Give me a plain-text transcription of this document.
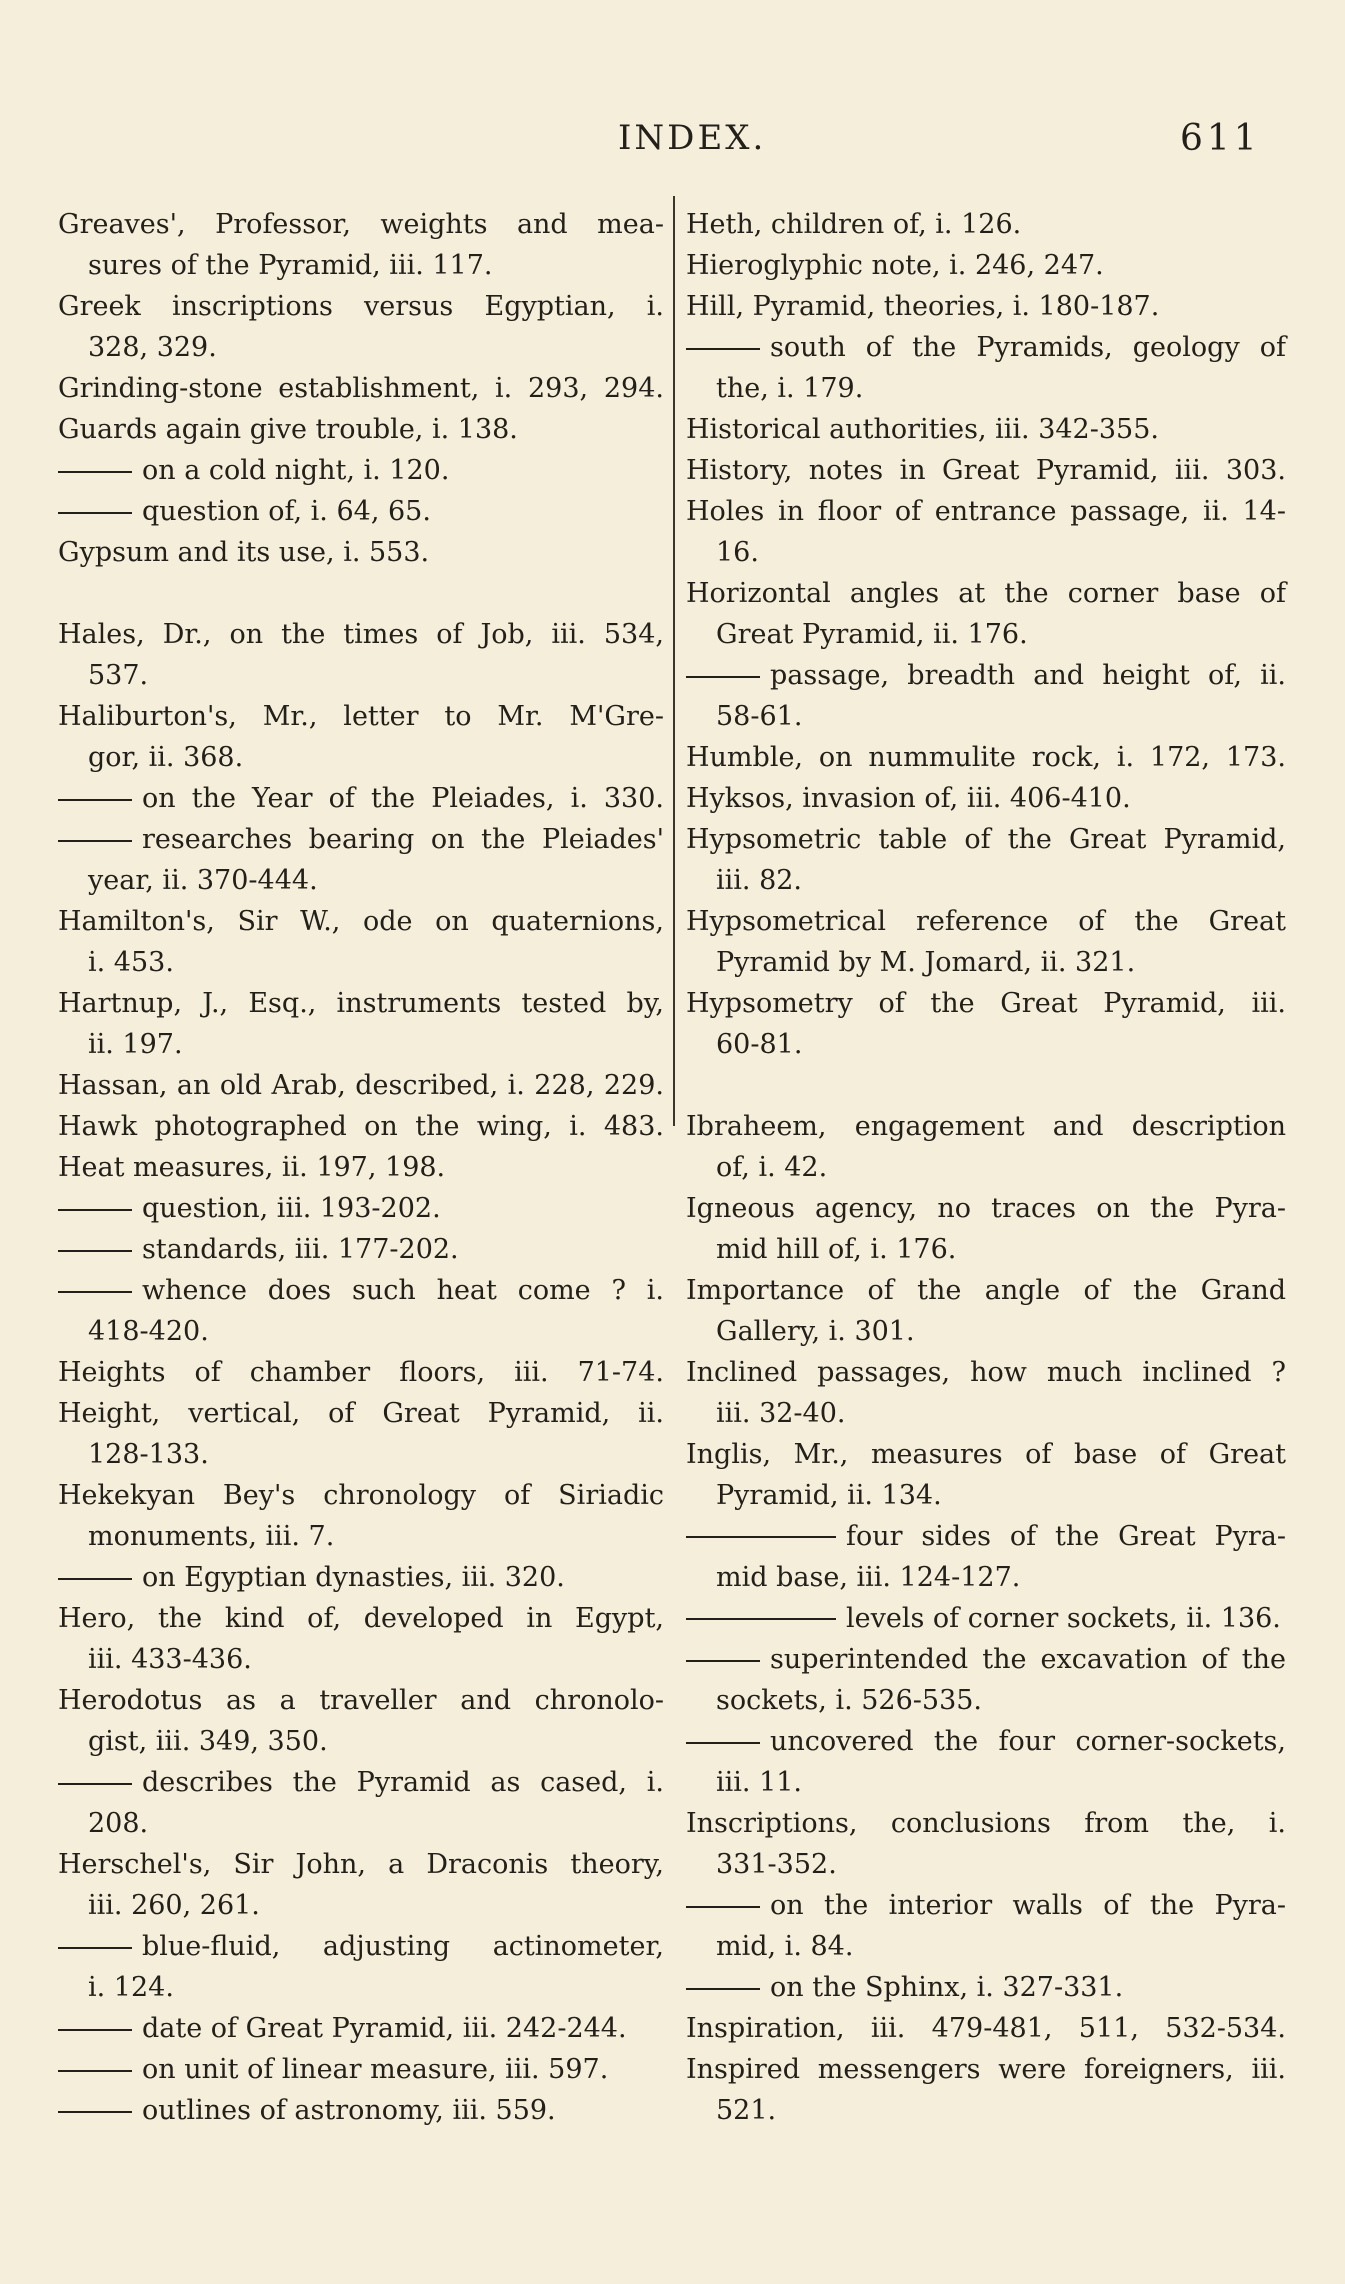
INDEX.	611
Greaves', Professor, weights and mea-
sures of the Pyramid, iii. 117.
Greek inscriptions versus Egyptian, i.
328, 329.
Grinding-stone establishment, i. 293, 294.
Guards again give trouble, i. 138.
on a cold night, i. 120.
question of, i. 64, 65.
Gypsum and its use, i. 553.
Hales, Dr., on the times of Job, iii. 534,
537.
Haliburton's, Mr., letter to Mr. M'Gre-
gor, ii. 368.
on the Year of the Pleiades, i. 330.
researches bearing on the Pleiades'
year, ii. 370-444.
Hamilton's, Sir W., ode on quaternions,
i. 453.
Hartnup, J., Esq., instruments tested by,
ii. 197.
Hassan, an old Arab, described, i. 228, 229.
Hawk photographed on the wing, i. 483.
Heat measures, ii. 197, 198.
question, iii. 193-202.
standards, iii. 177-202.
whence does such heat come ? i.
418-420.
Heights of chamber floors, iii. 71-74.
Height, vertical, of Great Pyramid, ii.
128-133.
Hekekyan Bey's chronology of Siriadic
monuments, iii. 7.
on Egyptian dynasties, iii. 320.
Hero, the kind of, developed in Egypt,
iii. 433-436.
Herodotus as a traveller and chronolo-
gist, iii. 349, 350.
describes the Pyramid as cased, i.
208.
Herschel's, Sir John, a Draconis theory,
iii. 260, 261.
blue-fluid, adjusting actinometer,
i. 124.
date of Great Pyramid, iii. 242-244.
on unit of linear measure, iii. 597.
outlines of astronomy, iii. 559.
Heth, children of, i. 126.
Hieroglyphic note, i. 246, 247.
Hill, Pyramid, theories, i. 180-187.
south of the Pyramids, geology of
the, i. 179.
Historical authorities, iii. 342-355.
History, notes in Great Pyramid, iii. 303.
Holes in floor of entrance passage, ii. 14-
16.
Horizontal angles at the corner base of
Great Pyramid, ii. 176.
passage, breadth and height of, ii.
58-61.
Humble, on nummulite rock, i. 172, 173.
Hyksos, invasion of, iii. 406-410.
Hypsometric table of the Great Pyramid,
iii. 82.
Hypsometrical reference of the Great
Pyramid by M. Jomard, ii. 321.
Hypsometry of the Great Pyramid, iii.
60-81.
Ibraheem, engagement and description
of, i. 42.
Igneous agency, no traces on the Pyra-
mid hill of, i. 176.
Importance of the angle of the Grand
Gallery, i. 301.
Inclined passages, how much inclined ?
iii. 32-40.
Inglis, Mr., measures of base of Great
Pyramid, ii. 134.
four sides of the Great Pyra-
mid base, iii. 124-127.
levels of corner sockets, ii. 136.
superintended the excavation of the
sockets, i. 526-535.
uncovered the four corner-sockets,
iii. 11.
Inscriptions, conclusions from the, i.
331-352.
on the interior walls of the Pyra-
mid, i. 84.
on the Sphinx, i. 327-331.
Inspiration, iii. 479-481, 511, 532-534.
Inspired messengers were foreigners, iii.
521.
